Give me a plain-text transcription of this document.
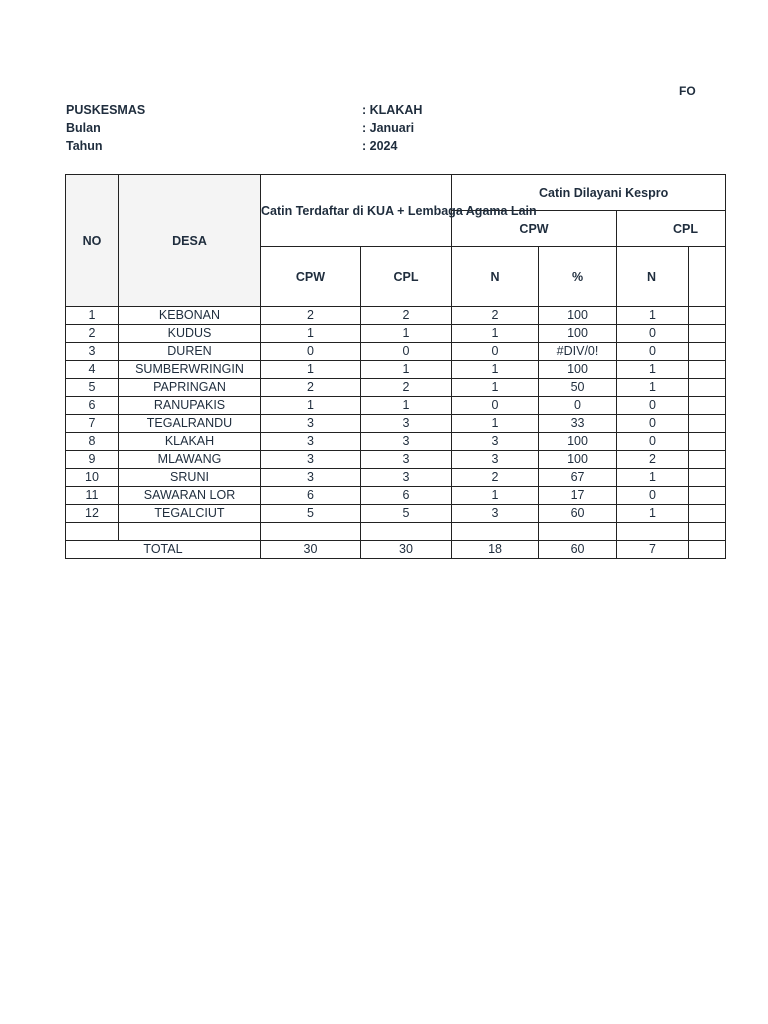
FO
PUSKESMAS	: KLAKAH
Bulan	: Januari
Tahun	: 2024
NO	DESA	Catin Terdaftar di KUA + Lembaga Agama Lain		Catin Dilayani Kespro			
				CPW		CPL	
		CPW	CPL	N	%	N	
1	KEBONAN	2	2	2	100	1	
2	KUDUS	1	1	1	100	0	
3	DUREN	0	0	0	#DIV/0!	0	
4	SUMBERWRINGIN	1	1	1	100	1	
5	PAPRINGAN	2	2	1	50	1	
6	RANUPAKIS	1	1	0	0	0	
7	TEGALRANDU	3	3	1	33	0	
8	KLAKAH	3	3	3	100	0	
9	MLAWANG	3	3	3	100	2	
10	SRUNI	3	3	2	67	1	
11	SAWARAN LOR	6	6	1	17	0	
12	TEGALCIUT	5	5	3	60	1	

TOTAL		30	30	18	60	7	
